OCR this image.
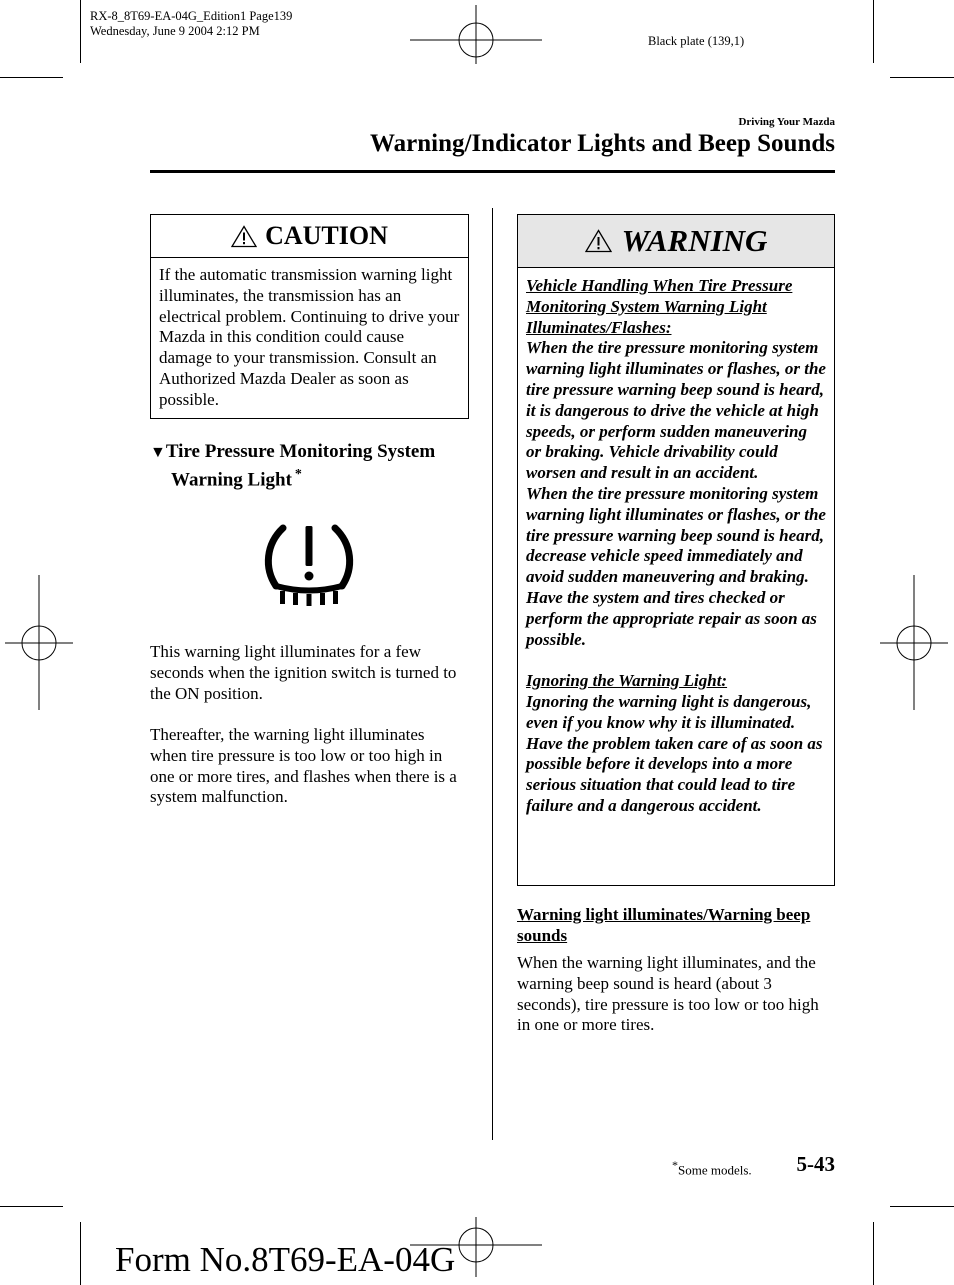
RX-8_8T69-EA-04G_Edition1 Page139
Wednesday, June 9 2004 2:12 PM
Black plate (139,1)
Driving Your Mazda
Warning/Indicator Lights and Beep Sounds
CAUTION
If the automatic transmission warning light illuminates, the transmission has an electrical problem. Continuing to drive your Mazda in this condition could cause damage to your transmission. Consult an Authorized Mazda Dealer as soon as possible.
▼Tire Pressure Monitoring System
Warning Light *
This warning light illuminates for a few seconds when the ignition switch is turned to the ON position.
Thereafter, the warning light illuminates when tire pressure is too low or too high in one or more tires, and flashes when there is a system malfunction.
WARNING
Vehicle Handling When Tire Pressure Monitoring System Warning Light Illuminates/Flashes:
When the tire pressure monitoring system warning light illuminates or flashes, or the tire pressure warning beep sound is heard, it is dangerous to drive the vehicle at high speeds, or perform sudden maneuvering or braking. Vehicle drivability could worsen and result in an accident.
When the tire pressure monitoring system warning light illuminates or flashes, or the tire pressure warning beep sound is heard, decrease vehicle speed immediately and avoid sudden maneuvering and braking. Have the system and tires checked or perform the appropriate repair as soon as possible.
Ignoring the Warning Light:
Ignoring the warning light is dangerous, even if you know why it is illuminated. Have the problem taken care of as soon as possible before it develops into a more serious situation that could lead to tire failure and a dangerous accident.
Warning light illuminates/Warning beep sounds
When the warning light illuminates, and the warning beep sound is heard (about 3 seconds), tire pressure is too low or too high in one or more tires.
*Some models. 5-43
Form No.8T69-EA-04G
